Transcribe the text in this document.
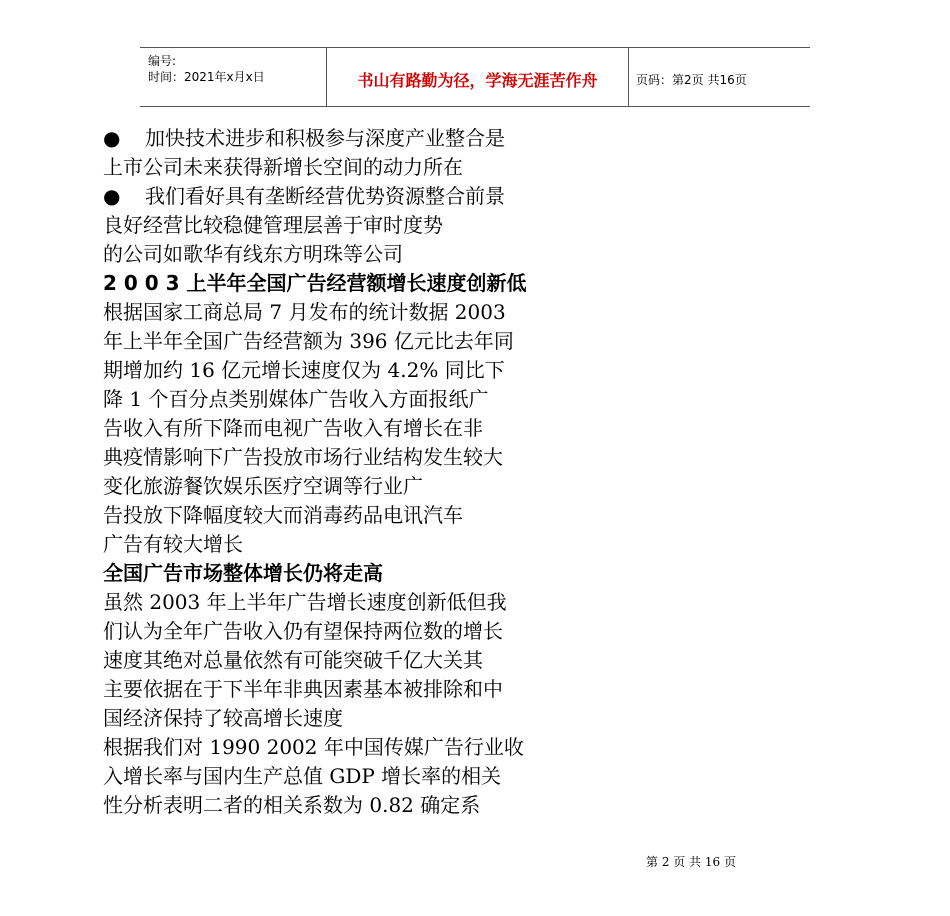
编号:
时间：2021年x月x日	书山有路勤为径，学海无涯苦作舟	页码：第2页 共16页
● 加快技术进步和积极参与深度产业整合是
上市公司未来获得新增长空间的动力所在
● 我们看好具有垄断经营优势资源整合前景
良好经营比较稳健管理层善于审时度势
的公司如歌华有线东方明珠等公司
2 0 0 3 上半年全国广告经营额增长速度创新低
根据国家工商总局 7 月发布的统计数据 2003
年上半年全国广告经营额为 396 亿元比去年同
期增加约 16 亿元增长速度仅为 4.2% 同比下
降 1 个百分点类别媒体广告收入方面报纸广
告收入有所下降而电视广告收入有增长在非
典疫情影响下广告投放市场行业结构发生较大
变化旅游餐饮娱乐医疗空调等行业广
告投放下降幅度较大而消毒药品电讯汽车
广告有较大增长
全国广告市场整体增长仍将走高
虽然 2003 年上半年广告增长速度创新低但我
们认为全年广告收入仍有望保持两位数的增长
速度其绝对总量依然有可能突破千亿大关其
主要依据在于下半年非典因素基本被排除和中
国经济保持了较高增长速度
根据我们对 1990 2002 年中国传媒广告行业收
入增长率与国内生产总值 GDP 增长率的相关
性分析表明二者的相关系数为 0.82 确定系
第 2 页 共 16 页
